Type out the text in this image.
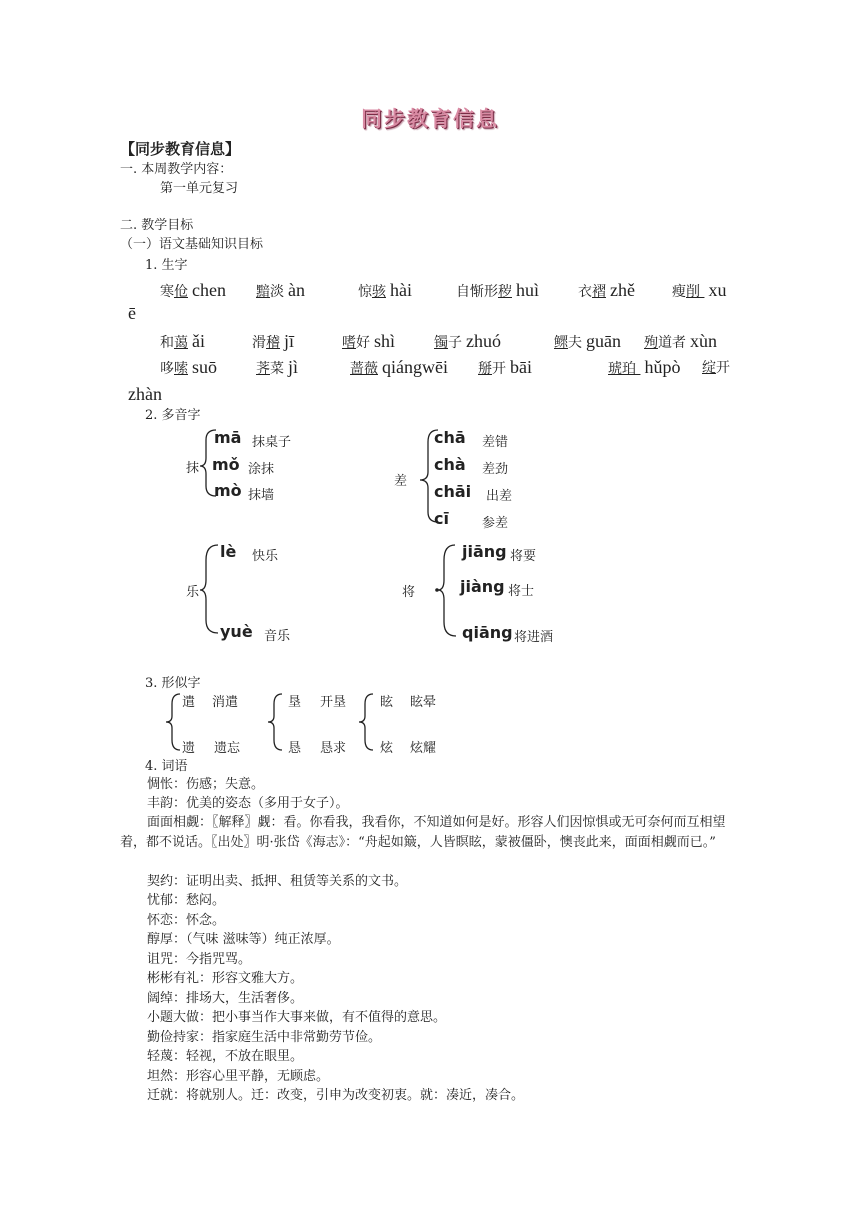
同步教育信息
【同步教育信息】
一. 本周教学内容：
第一单元复习
二. 教学目标
（一）语文基础知识目标
1. 生字
寒伧 chen 黯淡 àn	惊骇 hài	自惭形秽 huì	衣褶 zhě	瘦削 xu
ē
和蔼 ǎi	滑稽 jī	嗜好 shì	镯子 zhuó	鳏夫 guān 殉道者 xùn
哆嗦 suō	荠菜 jì	蔷薇 qiángwēi 掰开 bāi	琥珀 hǔpò 绽开
zhàn
2. 多音字
抹
mā 抹桌子
mǒ 涂抹
mò 抹墙
差
chā 差错
chà 差劲
chāi 出差
cī	参差
乐
lè 快乐
yuè 音乐
将
jiāng 将要
jiàng 将士
qiāng 将进酒
3. 形似字
遣 消遣
遗 遗忘
垦 开垦
恳 恳求
眩 眩晕
炫 炫耀
4. 词语
惆怅：伤感；失意。
丰韵：优美的姿态（多用于女子）。
面面相觑：〖解释〗觑：看。你看我，我看你，不知道如何是好。形容人们因惊惧或无可奈何而互相望着，都不说话。〖出处〗明·张岱《海志》：“舟起如簸，人皆瞑眩，蒙被僵卧，懊丧此来，面面相觑而已。”
契约：证明出卖、抵押、租赁等关系的文书。
忧郁：愁闷。
怀恋：怀念。
醇厚：（气味 滋味等）纯正浓厚。
诅咒：今指咒骂。
彬彬有礼：形容文雅大方。
阔绰：排场大，生活奢侈。
小题大做：把小事当作大事来做，有不值得的意思。
勤俭持家：指家庭生活中非常勤劳节俭。
轻蔑：轻视，不放在眼里。
坦然：形容心里平静，无顾虑。
迁就：将就别人。迁：改变，引申为改变初衷。就：凑近，凑合。
